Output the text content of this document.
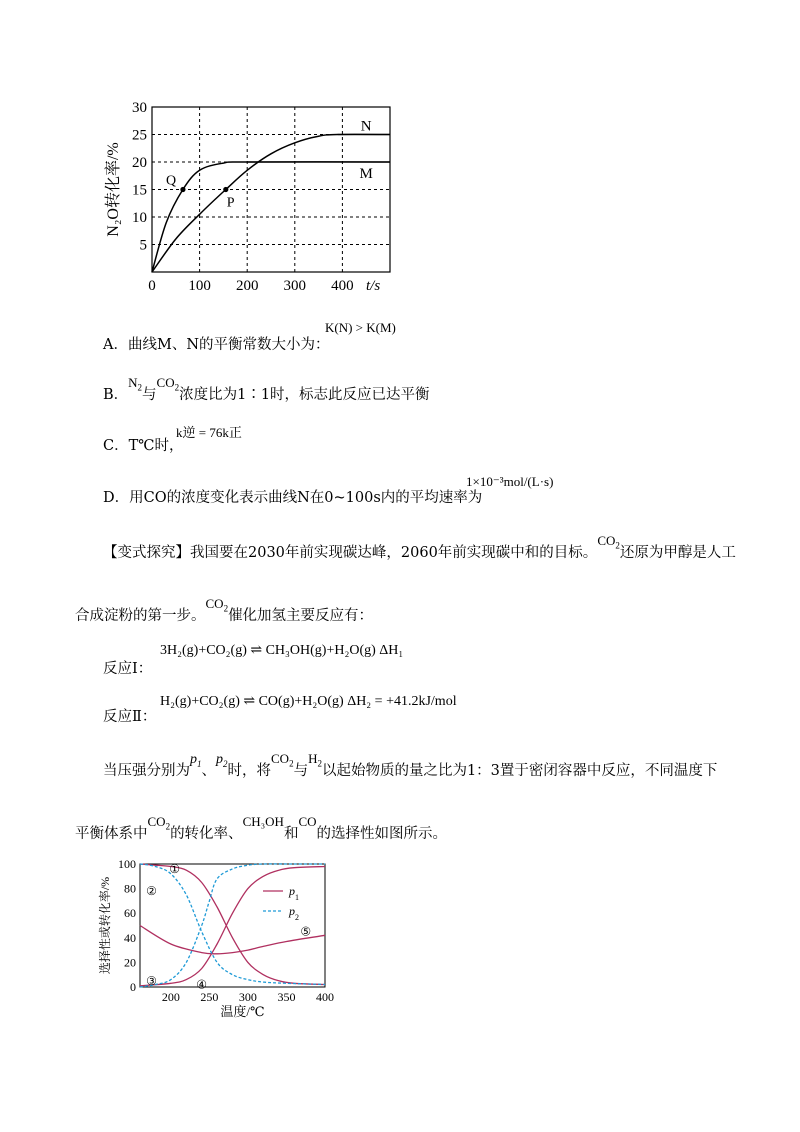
N
M
Q
P
5
10
15
20
25
30
0 100 200 300 400 t/s
N₂O转化率/%
A．曲线M、N的平衡常数大小为：
K(N) > K(M)
B．$N_2$与$CO_2$浓度比为1∶1时，标志此反应已达平衡
C．T℃时，
k逆 = 76k正
D．用CO的浓度变化表示曲线N在0~100s内的平均速率为
1×10⁻³mol/(L·s)
【变式探究】我国要在2030年前实现碳达峰，2060年前实现碳中和的目标。$CO_2$还原为甲醇是人工
合成淀粉的第一步。$CO_2$催化加氢主要反应有：
反应Ⅰ：
3H₂(g)+CO₂(g) ⇌ CH₃OH(g)+H₂O(g) ΔH₁
反应Ⅱ：
H₂(g)+CO₂(g) ⇌ CO(g)+H₂O(g) ΔH₂ = +41.2kJ/mol
当压强分别为$p_1$、$p_2$时，将$CO_2$与$H_2$以起始物质的量之比为1：3置于密闭容器中反应，不同温度下
平衡体系中$CO_2$的转化率、CH₃OH和CO的选择性如图所示。
①
②
③	④
⑤
$p_1$
$p_2$
0
20
40
60
80
100
200 250 300 350 400
温度/℃
选择性或转化率/%
